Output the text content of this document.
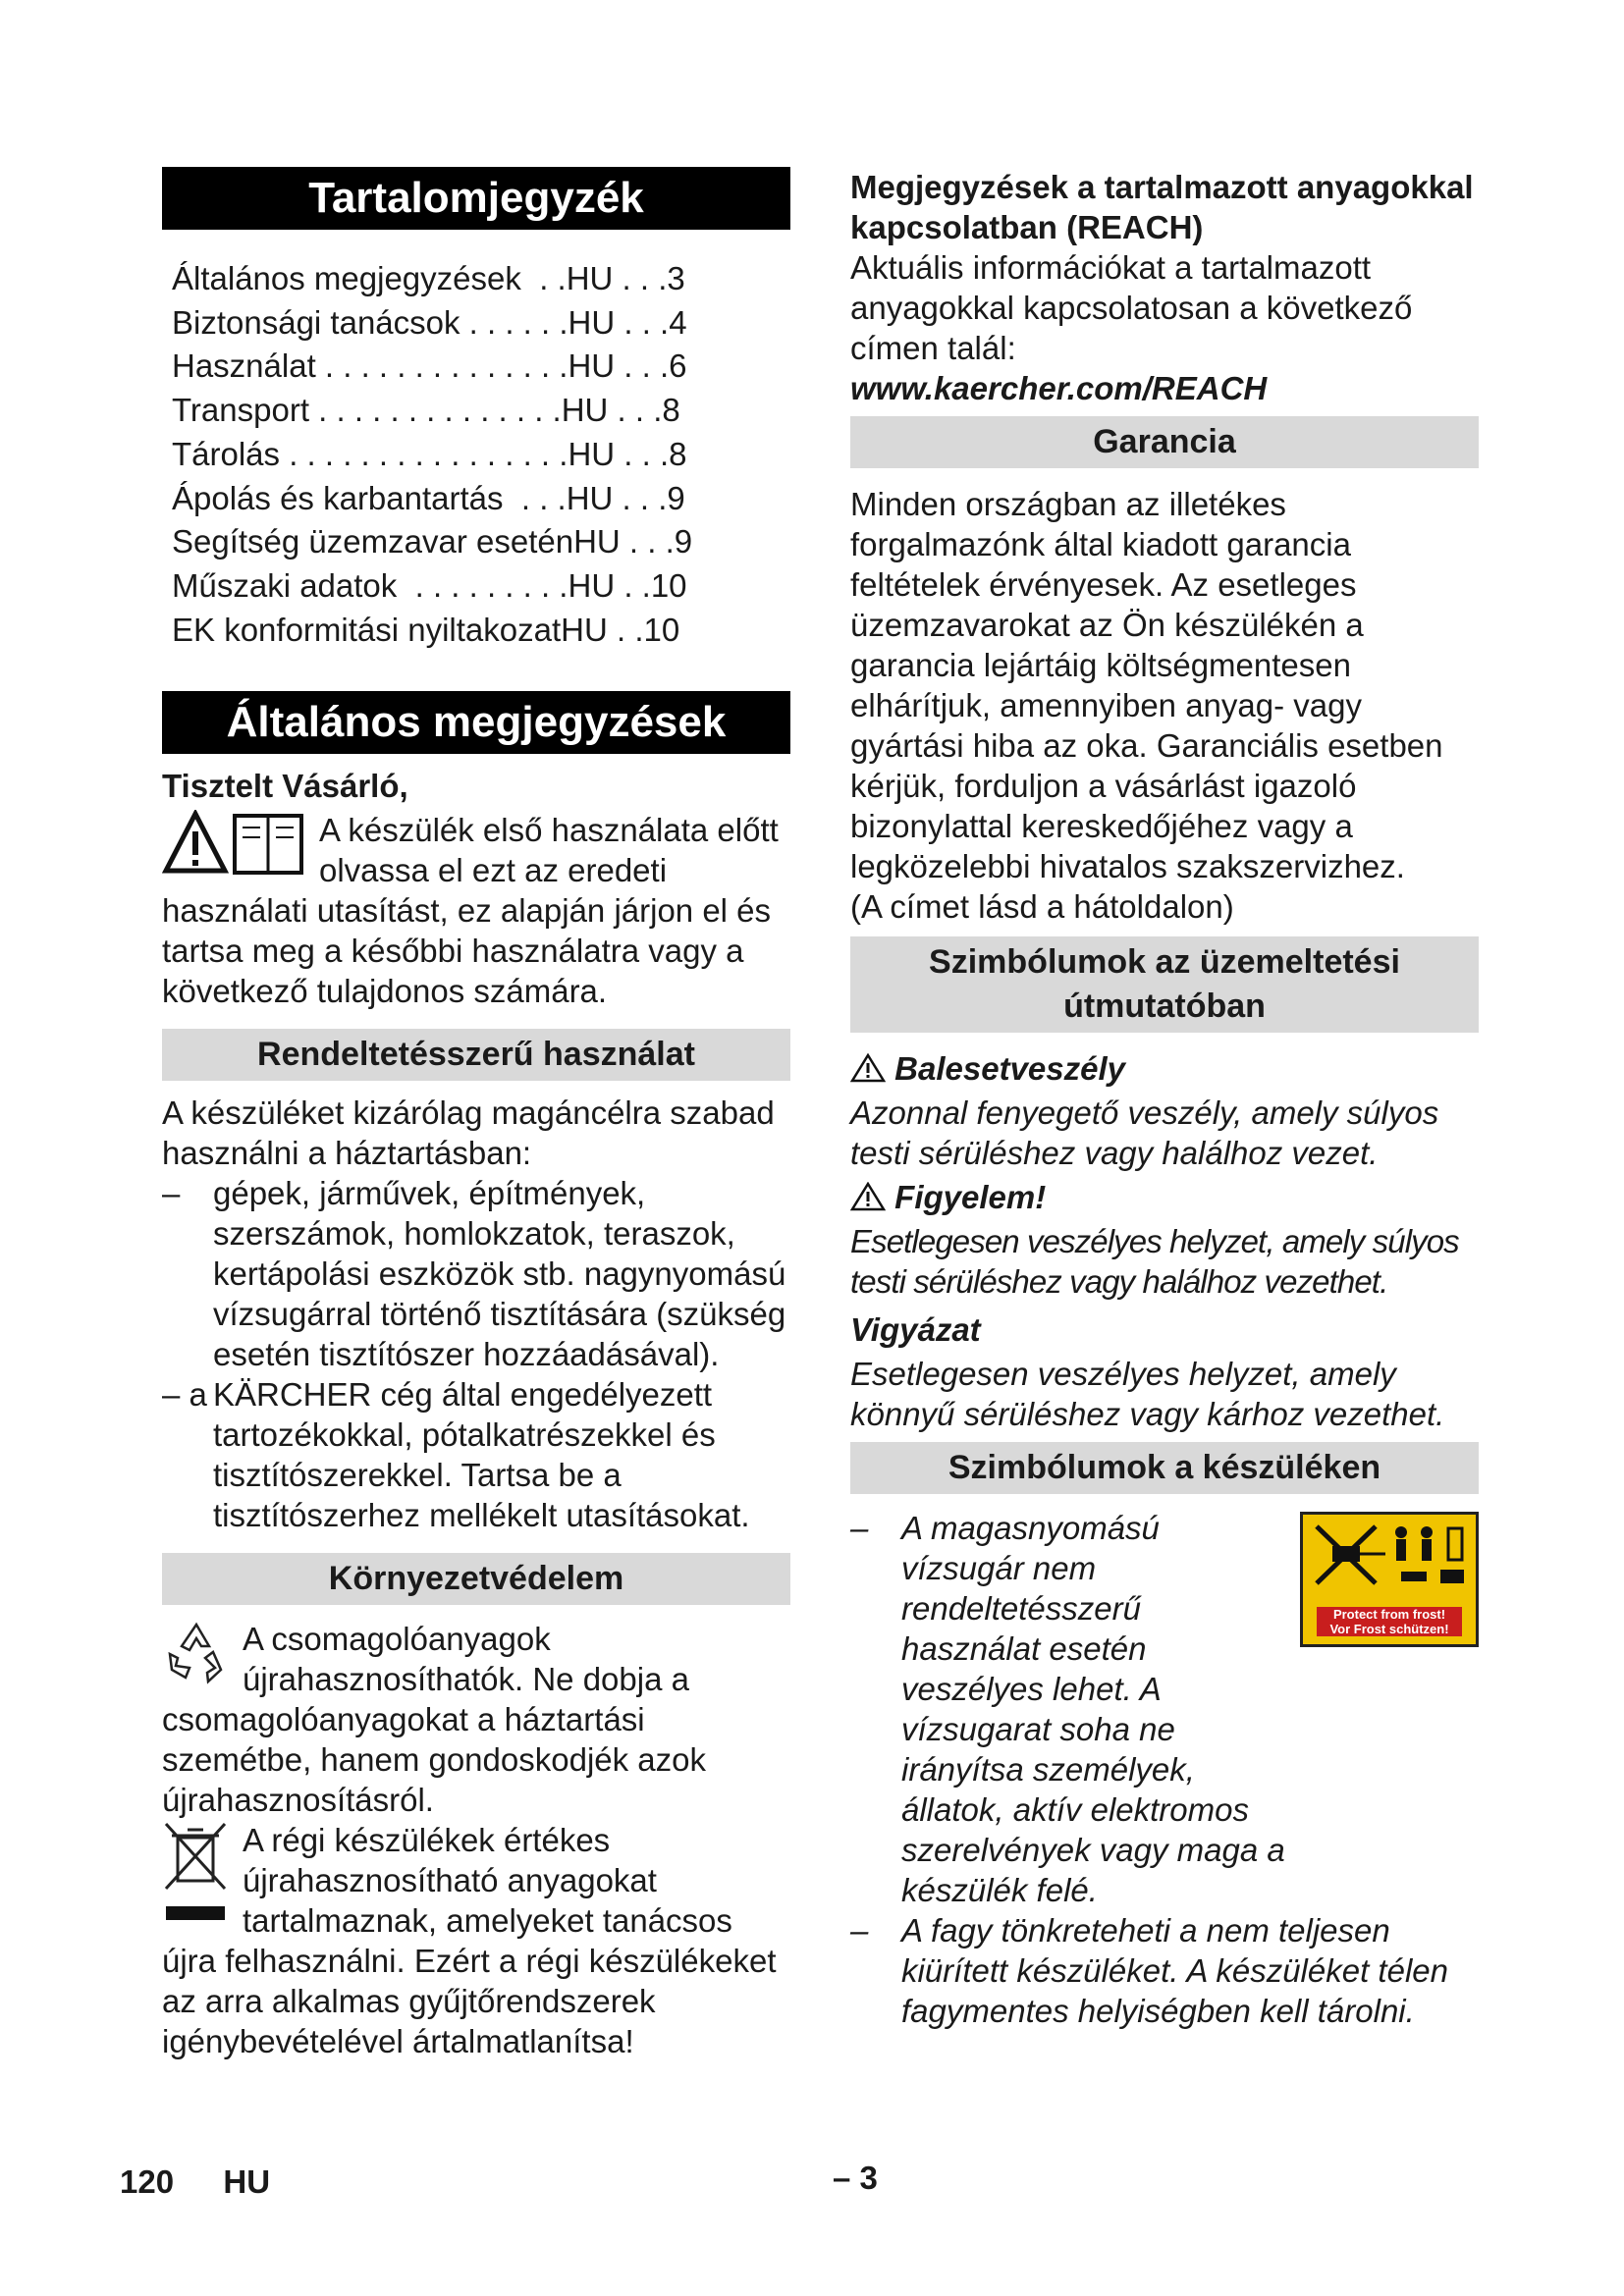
Tartalomjegyzék
Általános megjegyzések  . . HU . . .3
Biztonsági tanácsok . . . . . . HU . . .4
Használat . . . . . . . . . . . . . . HU . . .6
Transport . . . . . . . . . . . . . . HU . . .8
Tárolás . . . . . . . . . . . . . . . . HU . . .8
Ápolás és karbantartás  . . . HU . . .9
Segítség üzemzavar esetén HU . . .9
Műszaki adatok  . . . . . . . . . HU . .10
EK konformitási nyiltakozat HU . .10
Általános megjegyzések
Tisztelt Vásárló,
A készülék első használata előtt olvassa el ezt az eredeti használati utasítást, ez alapján járjon el és tartsa meg a későbbi használatra vagy a következő tulajdonos számára.
Rendeltetésszerű használat
A készüléket kizárólag magáncélra szabad használni a háztartásban:
–	gépek, járművek, építmények, szerszámok, homlokzatok, teraszok, kertápolási eszközök stb. nagynyomású vízsugárral történő tisztítására (szükség esetén tisztítószer hozzáadásával).
– a KÄRCHER cég által engedélyezett tartozékokkal, pótalkatrészekkel és tisztítószerekkel. Tartsa be a tisztítószerhez mellékelt utasításokat.
Környezetvédelem
A csomagolóanyagok újrahasznosíthatók. Ne dobja a csomagolóanyagokat a háztartási szemétbe, hanem gondoskodjék azok újrahasznosításról.
A régi készülékek értékes újrahasznosítható anyagokat tartalmaznak, amelyeket tanácsos újra felhasználni. Ezért a régi készülékeket az arra alkalmas gyűjtőrendszerek igénybevételével ártalmatlanítsa!
Megjegyzések a tartalmazott anyagokkal kapcsolatban (REACH)
Aktuális információkat a tartalmazott anyagokkal kapcsolatosan a következő címen talál:
www.kaercher.com/REACH
Garancia
Minden országban az illetékes forgalmazónk által kiadott garancia feltételek érvényesek. Az esetleges üzemzavarokat az Ön készülékén a garancia lejártáig költségmentesen elhárítjuk, amennyiben anyag- vagy gyártási hiba az oka. Garanciális esetben kérjük, forduljon a vásárlást igazoló bizonylattal kereskedőjéhez vagy a legközelebbi hivatalos szakszervizhez.
(A címet lásd a hátoldalon)
Szimbólumok az üzemeltetési útmutatóban
Balesetveszély
Azonnal fenyegető veszély, amely súlyos testi sérüléshez vagy halálhoz vezet.
Figyelem!
Esetlegesen veszélyes helyzet, amely súlyos testi sérüléshez vagy halálhoz vezethet.
Vigyázat
Esetlegesen veszélyes helyzet, amely könnyű sérüléshez vagy kárhoz vezethet.
Szimbólumok a készüléken
Protect from frost!
Vor Frost schützen!
–	A magasnyomású vízsugár nem rendeltetésszerű használat esetén veszélyes lehet. A vízsugarat soha ne irányítsa személyek, állatok, aktív elektromos szerelvények vagy maga a készülék felé.
–	A fagy tönkreteheti a nem teljesen kiürített készüléket. A készüléket télen fagymentes helyiségben kell tárolni.
120 HU	– 3
